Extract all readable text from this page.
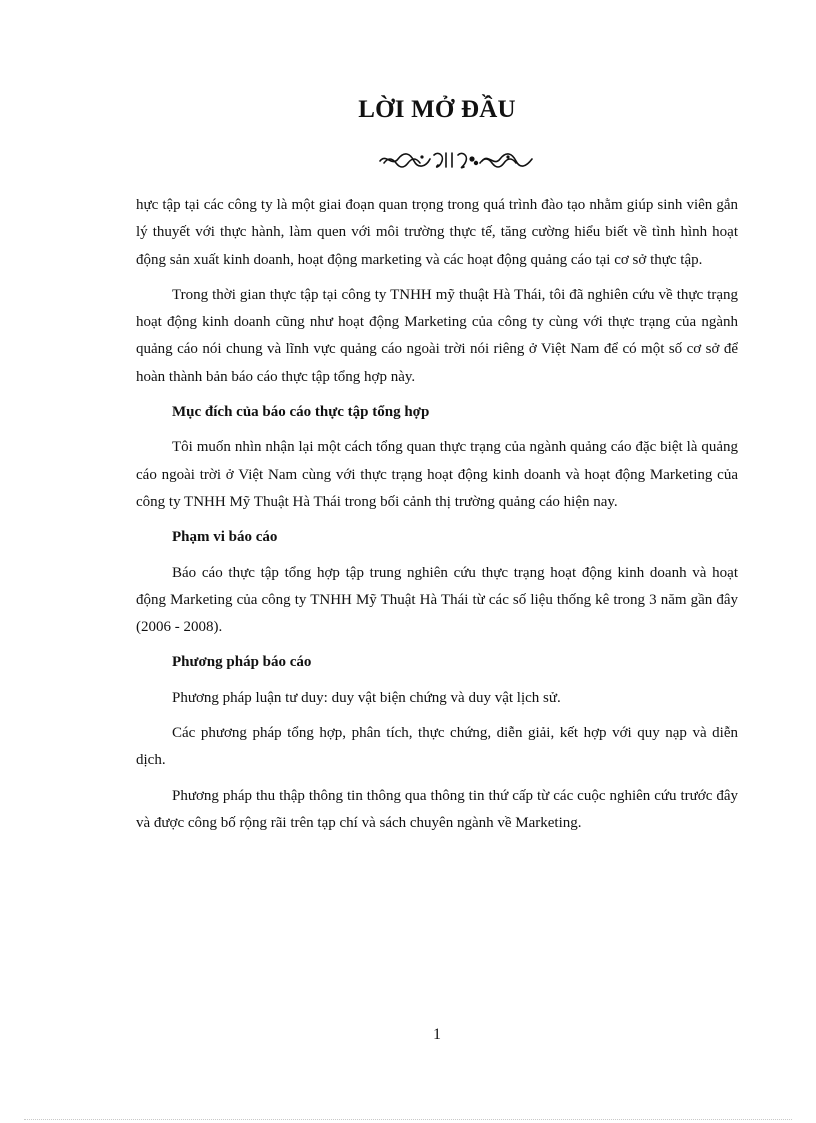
LỜI MỞ ĐẦU

hực tập tại các công ty là một giai đoạn quan trọng trong quá trình đào tạo nhằm giúp sinh viên gắn lý thuyết với thực hành, làm quen với môi trường thực tế, tăng cường hiểu biết về tình hình hoạt động sản xuất kinh doanh, hoạt động marketing và các hoạt động quảng cáo tại cơ sở thực tập.

Trong thời gian thực tập tại công ty TNHH mỹ thuật Hà Thái, tôi đã nghiên cứu về thực trạng hoạt động kinh doanh cũng như hoạt động Marketing của công ty cùng với thực trạng của ngành quảng cáo nói chung và lĩnh vực quảng cáo ngoài trời nói riêng ở Việt Nam để có một số cơ sở để hoàn thành bản báo cáo thực tập tổng hợp này.

Mục đích của báo cáo thực tập tổng hợp

Tôi muốn nhìn nhận lại một cách tổng quan thực trạng của ngành quảng cáo đặc biệt là quảng cáo ngoài trời ở Việt Nam cùng với thực trạng hoạt động kinh doanh và hoạt động Marketing của công ty TNHH Mỹ Thuật Hà Thái trong bối cảnh thị trường quảng cáo hiện nay.

Phạm vi báo cáo

Báo cáo thực tập tổng hợp tập trung nghiên cứu thực trạng hoạt động kinh doanh và hoạt động Marketing của công ty TNHH Mỹ Thuật Hà Thái từ các số liệu thống kê trong 3 năm gần đây (2006 - 2008).

Phương pháp báo cáo

Phương pháp luận tư duy: duy vật biện chứng và duy vật lịch sử.

Các phương pháp tổng hợp, phân tích, thực chứng, diễn giải, kết hợp với quy nạp và diễn dịch.

Phương pháp thu thập thông tin thông qua thông tin thứ cấp từ các cuộc nghiên cứu trước đây và được công bố rộng rãi trên tạp chí và sách chuyên ngành về Marketing.

1
